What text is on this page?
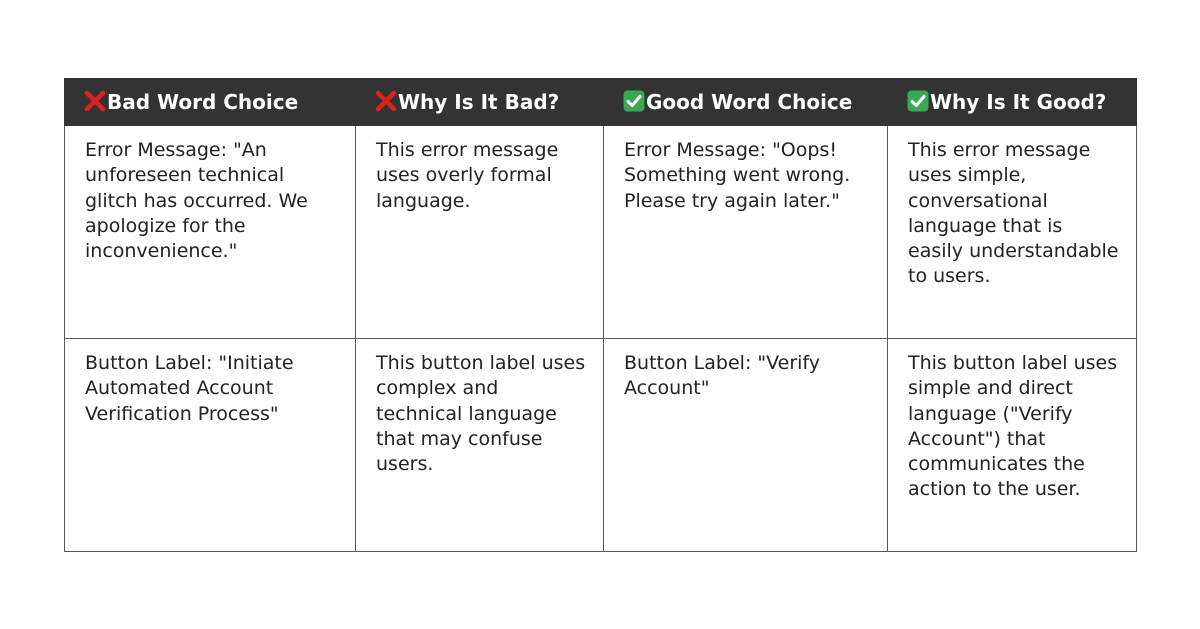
Bad Word Choice	Why Is It Bad?	Good Word Choice	Why Is It Good?
Error Message: "An unforeseen technical glitch has occurred. We apologize for the inconvenience."	This error message uses overly formal language.	Error Message: "Oops! Something went wrong. Please try again later."	This error message uses simple, conversational language that is easily understandable to users.
Button Label: "Initiate Automated Account Verification Process"	This button label uses complex and technical language that may confuse users.	Button Label: "Verify Account"	This button label uses simple and direct language ("Verify Account") that communicates the action to the user.
